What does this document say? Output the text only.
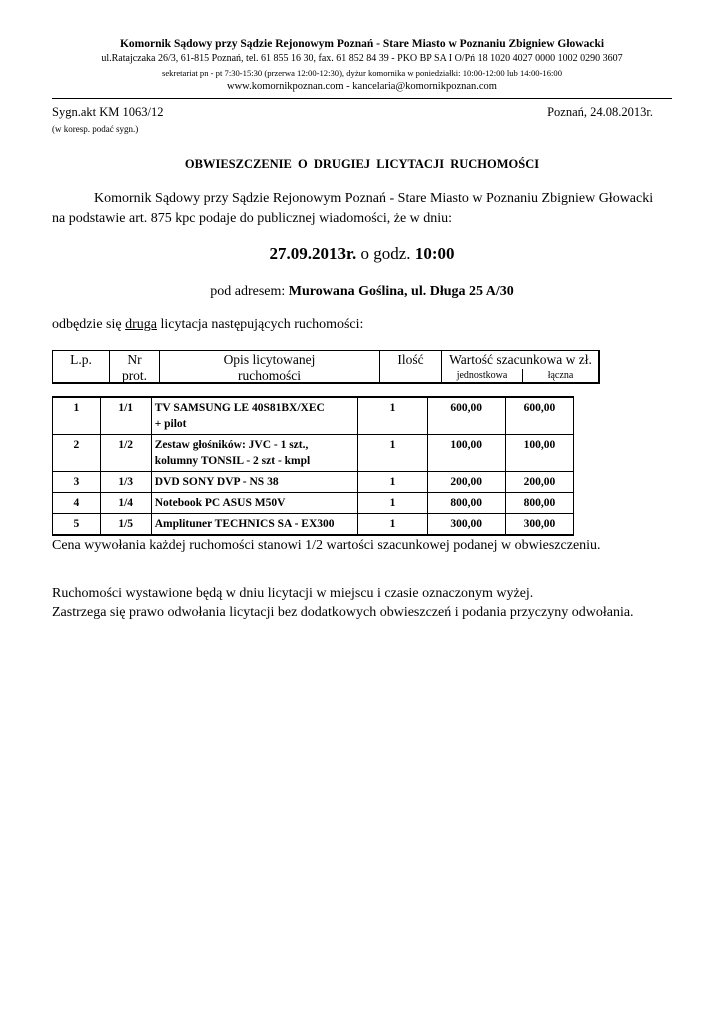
Komornik Sądowy przy Sądzie Rejonowym Poznań - Stare Miasto w Poznaniu Zbigniew Głowacki
ul.Ratajczaka 26/3, 61-815 Poznań, tel. 61 855 16 30, fax. 61 852 84 39 - PKO BP SA I O/Pń 18 1020 4027 0000 1002 0290 3607
sekretariat pn - pt 7:30-15:30 (przerwa 12:00-12:30), dyżur komornika w poniedziałki: 10:00-12:00 lub 14:00-16:00
www.komornikpoznan.com - kancelaria@komornikpoznan.com
Sygn.akt KM 1063/12	Poznań, 24.08.2013r.
(w koresp. podać sygn.)
OBWIESZCZENIE O DRUGIEJ LICYTACJI RUCHOMOŚCI
Komornik Sądowy przy Sądzie Rejonowym Poznań - Stare Miasto w Poznaniu Zbigniew Głowacki
na podstawie art. 875 kpc podaje do publicznej wiadomości, że w dniu:
27.09.2013r. o godz. 10:00
pod adresem: Murowana Goślina, ul. Długa 25 A/30
odbędzie się druga licytacja następujących ruchomości:
L.p.	Nr
prot.
Opis licytowanej
ruchomości
Ilość	Wartość szacunkowa w zł.
jednostkowa	łączna
1	1/1	TV SAMSUNG LE 40S81BX/XEC
+ pilot	1	600,00	600,00
2	1/2	Zestaw głośników: JVC - 1 szt.,
kolumny TONSIL - 2 szt - kmpl	1	100,00	100,00
3	1/3	DVD SONY DVP - NS 38	1	200,00	200,00
4	1/4	Notebook PC ASUS M50V	1	800,00	800,00
5	1/5	Amplituner TECHNICS SA - EX300	1	300,00	300,00
Cena wywołania każdej ruchomości stanowi 1/2 wartości szacunkowej podanej w obwieszczeniu.
Ruchomości wystawione będą w dniu licytacji w miejscu i czasie oznaczonym wyżej.
Zastrzega się prawo odwołania licytacji bez dodatkowych obwieszczeń i podania przyczyny odwołania.
